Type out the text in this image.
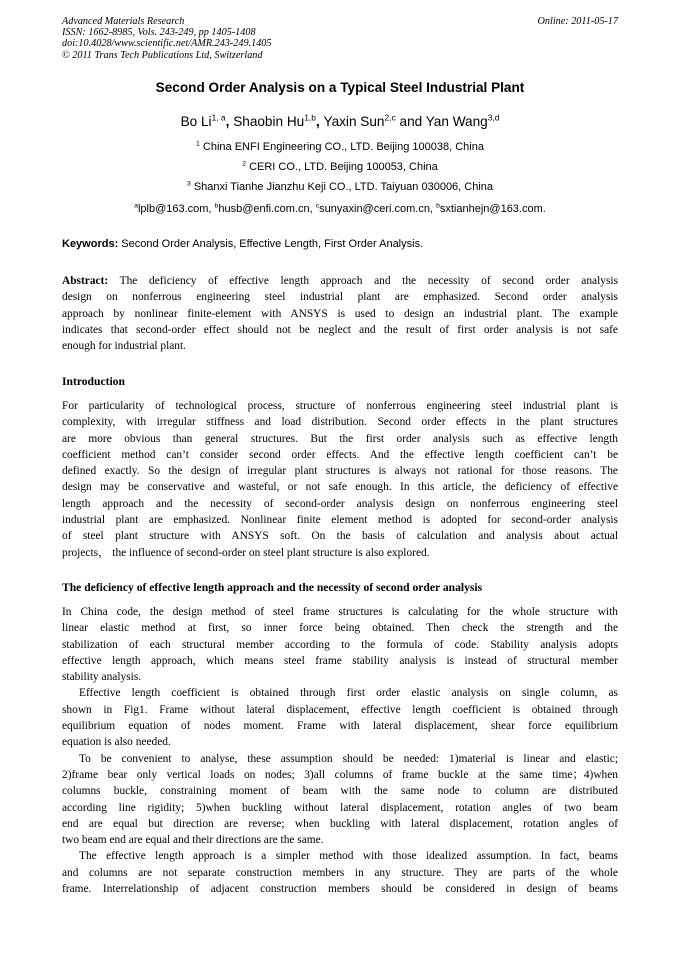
Advanced Materials Research
ISSN: 1662-8985, Vols. 243-249, pp 1405-1408
doi:10.4028/www.scientific.net/AMR.243-249.1405
© 2011 Trans Tech Publications Ltd, Switzerland
Online: 2011-05-17
Second Order Analysis on a Typical Steel Industrial Plant
Bo Li$^{1, a}$, Shaobin Hu$^{1,b}$, Yaxin Sun$^{2,c}$ and Yan Wang$^{3,d}$
$^1$ China ENFI Engineering CO., LTD. Beijing 100038, China
$^2$ CERI CO., LTD. Beijing 100053, China
$^3$ Shanxi Tianhe Jianzhu Keji CO., LTD. Taiyuan 030006, China
$^a$lplb@163.com, $^b$husb@enfi.com.cn, $^c$sunyaxin@ceri.com.cn, $^b$sxtianhejn@163.com.
Keywords: Second Order Analysis, Effective Length, First Order Analysis.
Abstract: The deficiency of effective length approach and the necessity of second order analysis
design on nonferrous engineering steel industrial plant are emphasized. Second order analysis
approach by nonlinear finite-element with ANSYS is used to design an industrial plant. The example
indicates that second-order effect should not be neglect and the result of first order analysis is not safe
enough for industrial plant.
Introduction
For particularity of technological process, structure of nonferrous engineering steel industrial plant is
complexity, with irregular stiffness and load distribution. Second order effects in the plant structures
are more obvious than general structures. But the first order analysis such as effective length
coefficient method can’t consider second order effects. And the effective length coefficient can’t be
defined exactly. So the design of irregular plant structures is always not rational for those reasons. The
design may be conservative and wasteful, or not safe enough. In this article, the deficiency of effective
length approach and the necessity of second-order analysis design on nonferrous engineering steel
industrial plant are emphasized. Nonlinear finite element method is adopted for second-order analysis
of steel plant structure with ANSYS soft. On the basis of calculation and analysis about actual
projects， the influence of second-order on steel plant structure is also explored.
The deficiency of effective length approach and the necessity of second order analysis
In China code, the design method of steel frame structures is calculating for the whole structure with
linear elastic method at first, so inner force being obtained. Then check the strength and the
stabilization of each structural member according to the formula of code. Stability analysis adopts
effective length approach, which means steel frame stability analysis is instead of structural member
stability analysis.
Effective length coefficient is obtained through first order elastic analysis on single column, as
shown in Fig1. Frame without lateral displacement, effective length coefficient is obtained through
equilibrium equation of nodes moment. Frame with lateral displacement, shear force equilibrium
equation is also needed.
To be convenient to analyse, these assumption should be needed: 1)material is linear and elastic;
2)frame bear only vertical loads on nodes; 3)all columns of frame buckle at the same time；4)when
columns buckle, constraining moment of beam with the same node to column are distributed
according line rigidity; 5)when buckling without lateral displacement, rotation angles of two beam
end are equal but direction are reverse; when buckling with lateral displacement, rotation angles of
two beam end are equal and their directions are the same.
The effective length approach is a simpler method with those idealized assumption. In fact, beams
and columns are not separate construction members in any structure. They are parts of the whole
frame. Interrelationship of adjacent construction members should be considered in design of beams
